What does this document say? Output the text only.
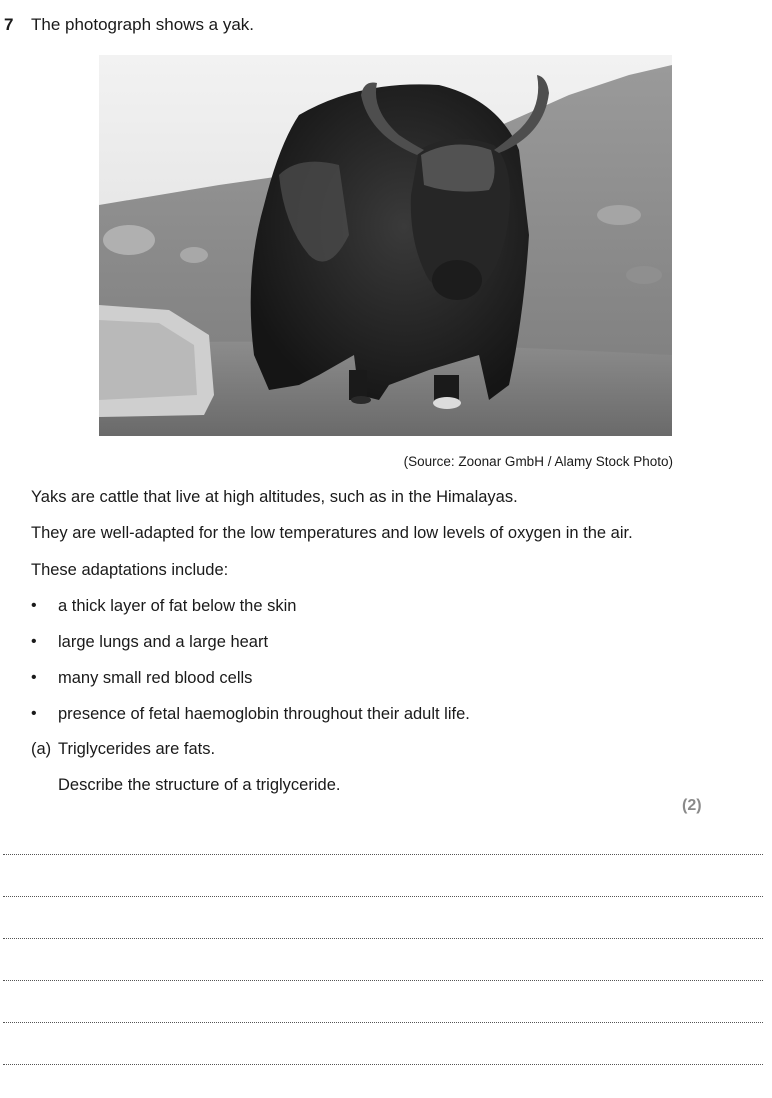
7 The photograph shows a yak.
(Source: Zoonar GmbH / Alamy Stock Photo)
Yaks are cattle that live at high altitudes, such as in the Himalayas.
They are well-adapted for the low temperatures and low levels of oxygen in the air.
These adaptations include:
• a thick layer of fat below the skin
• large lungs and a large heart
• many small red blood cells
• presence of fetal haemoglobin throughout their adult life.
(a) Triglycerides are fats.
Describe the structure of a triglyceride.
(2)
